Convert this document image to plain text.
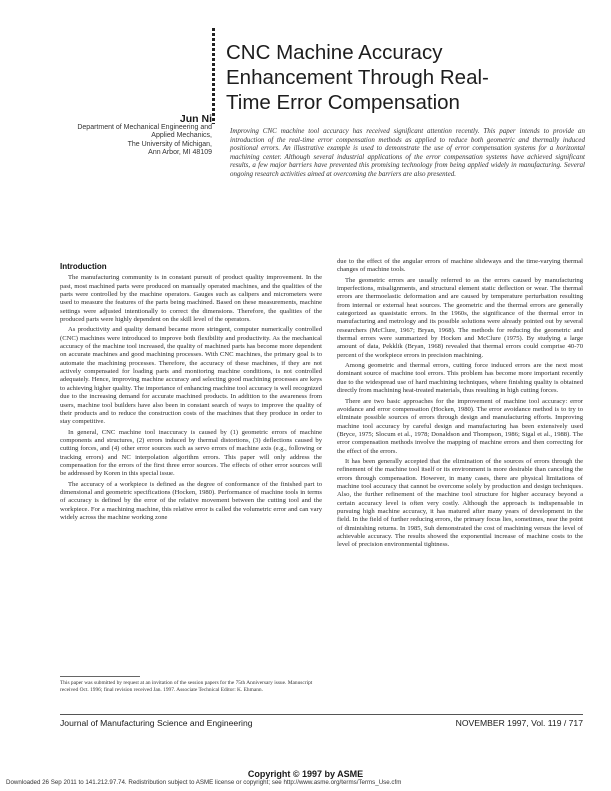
CNC Machine Accuracy
Enhancement Through Real-
Time Error Compensation
Jun Ni
Department of Mechanical Engineering and
Applied Mechanics,
The University of Michigan,
Ann Arbor, MI 48109
Improving CNC machine tool accuracy has received significant attention recently. This paper intends to provide an introduction of the real-time error compensation methods as applied to reduce both geometric and thermally induced positional errors. An illustrative example is used to demonstrate the use of error compensation systems for a horizontal machining center. Although several industrial applications of the error compensation systems have achieved significant results, a few major barriers have prevented this promising technology from being applied widely in manufacturing. Several ongoing research activities aimed at overcoming the barriers are also presented.
Introduction

The manufacturing community is in constant pursuit of product quality improvement. In the past, most machined parts were produced on manually operated machines, and the qualities of the parts were controlled by the machine operators. Gauges such as calipers and micrometers were used to measure the features of the parts being machined. Based on these measurements, machine settings were adjusted intentionally to correct the dimensions. Therefore, the qualities of the produced parts were highly dependent on the skill level of the operators.

As productivity and quality demand became more stringent, computer numerically controlled (CNC) machines were introduced to improve both flexibility and productivity. As the mechanical accuracy of the machine tool increased, the quality of machined parts has become more dependent on accurate machines and good machining processes. With CNC machines, the primary goal is to automate the machining processes. Therefore, the accuracy of these machines, if they are not actively compensated for loading parts and monitoring machine conditions, is not controlled adequately. Hence, improving machine accuracy and selecting good machining processes are keys to achieving higher quality. The importance of enhancing machine tool accuracy is well recognized due to the increasing demand for accurate machined products. In addition to the awareness from users, machine tool builders have also been in constant search of ways to improve the quality of their products and to reduce the construction costs of the machines that they produce in order to stay competitive.

In general, CNC machine tool inaccuracy is caused by (1) geometric errors of machine components and structures, (2) errors induced by thermal distortions, (3) deflections caused by cutting forces, and (4) other error sources such as servo errors of machine axis (e.g., following or tracking errors) and NC interpolation algorithm errors. This paper will only address the compensation for the errors of the first three error sources. The effects of other error sources will be addressed by Koren in this special issue.

The accuracy of a workpiece is defined as the degree of conformance of the finished part to dimensional and geometric specifications (Hocken, 1980). Performance of machine tools in terms of accuracy is defined by the error of the relative movement between the cutting tool and the workpiece. For a machining machine, this relative error is called the volumetric error and can vary widely across the machine working zone

This paper was submitted by request at an invitation of the session papers for the 75th Anniversary issue. Manuscript received Oct. 1996; final revision received Jan. 1997. Associate Technical Editor: K. Ehmann.

due to the effect of the angular errors of machine slideways and the time-varying thermal changes of machine tools.

The geometric errors are usually referred to as the errors caused by manufacturing imperfections, misalignments, and structural element static deflection or wear. The thermal errors are thermoelastic deformation and are caused by temperature perturbation resulting from internal or external heat sources. The geometric and the thermal errors are generally categorized as quasistatic errors. In the 1960s, the significance of the thermal error in manufacturing and metrology and its possible solutions were already pointed out by several researchers (McClure, 1967; Bryan, 1968). The methods for reducing the geometric and thermal errors were summarized by Hocken and McClure (1975). By studying a large amount of data, Pekklik (Bryan, 1968) revealed that thermal errors could comprise 40-70 percent of the workpiece errors in precision machining.

Among geometric and thermal errors, cutting force induced errors are the next most dominant source of machine tool errors. This problem has become more important recently due to the widespread use of hard machining techniques, where finishing quality is obtained directly from machining heat-treated materials, thus resulting in high cutting forces.

There are two basic approaches for the improvement of machine tool accuracy: error avoidance and error compensation (Hocken, 1980). The error avoidance method is to try to eliminate possible sources of errors through design and manufacturing efforts. Improving machine tool accuracy by careful design and manufacturing has been extensively used (Bryce, 1975; Slocum et al., 1978; Donaldson and Thompson, 1986; Sigal et al., 1988). The error compensation methods involve the mapping of machine errors and then correcting for the effect of the errors.

It has been generally accepted that the elimination of the sources of errors through the refinement of the machine tool itself or its environment is more desirable than canceling the errors through compensation. However, in many cases, there are physical limitations of machine tool accuracy that cannot be overcome solely by production and design techniques. Also, the further refinement of the machine tool structure for higher accuracy beyond a certain accuracy level is often very costly. Although the approach is indispensable in pursuing high machine accuracy, it has matured after many years of development in the field. In the field of further reducing errors, the primary focus lies, sometimes, near the point of diminishing returns. In 1985, Suh demonstrated the cost of machining versus the level of achievable accuracy. The results showed the exponential increase of machine costs to the level of precision environmental tightness.

Journal of Manufacturing Science and Engineering	NOVEMBER 1997, Vol. 119 / 717
Copyright © 1997 by ASME
Downloaded 26 Sep 2011 to 141.212.97.74. Redistribution subject to ASME license or copyright; see http://www.asme.org/terms/Terms_Use.cfm
